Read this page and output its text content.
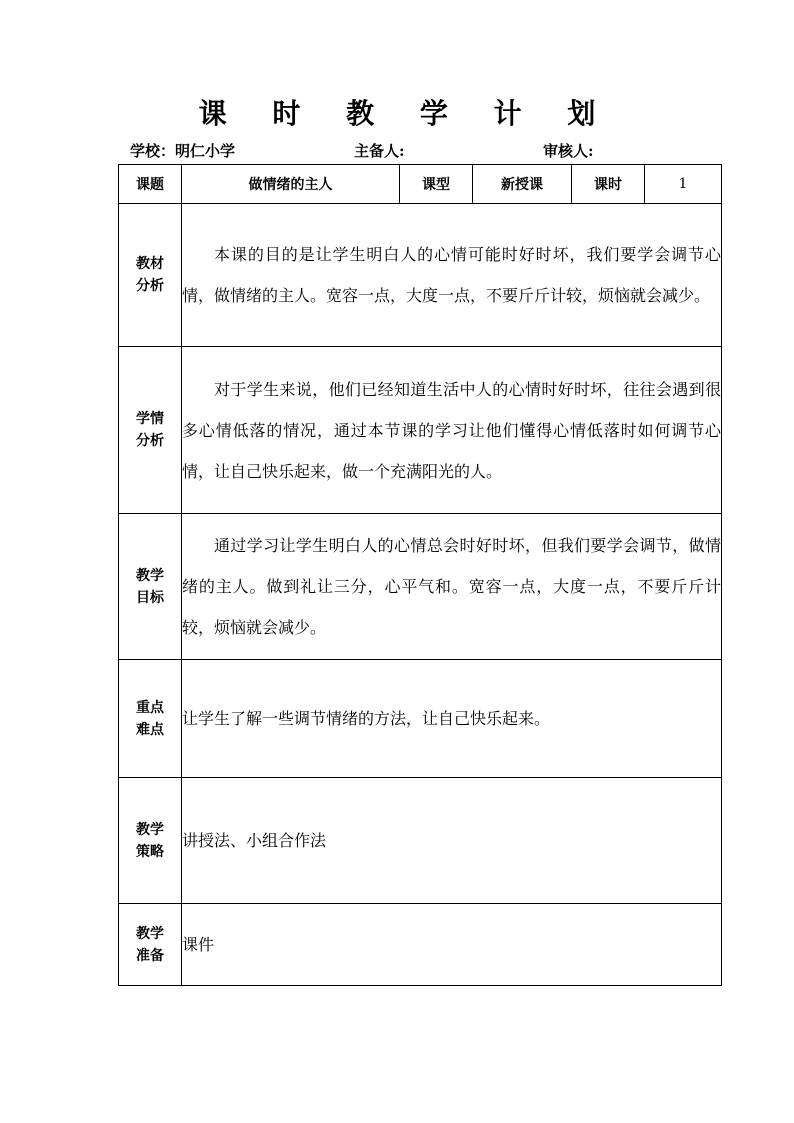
课 时 教 学 计 划
学校：明仁小学	主备人:	审核人:
课题	做情绪的主人	课型	新授课	课时	1

教材
分析	本课的目的是让学生明白人的心情可能时好时坏，我们要学会调节心情，做情绪的主人。宽容一点，大度一点，不要斤斤计较，烦恼就会减少。				

学情
分析	对于学生来说，他们已经知道生活中人的心情时好时坏，往往会遇到很多心情低落的情况，通过本节课的学习让他们懂得心情低落时如何调节心情，让自己快乐起来，做一个充满阳光的人。				

教学
目标	通过学习让学生明白人的心情总会时好时坏，但我们要学会调节，做情绪的主人。做到礼让三分，心平气和。宽容一点，大度一点，不要斤斤计较，烦恼就会减少。				

重点
难点	让学生了解一些调节情绪的方法，让自己快乐起来。				

教学
策略	讲授法、小组合作法				

教学
准备	课件				
